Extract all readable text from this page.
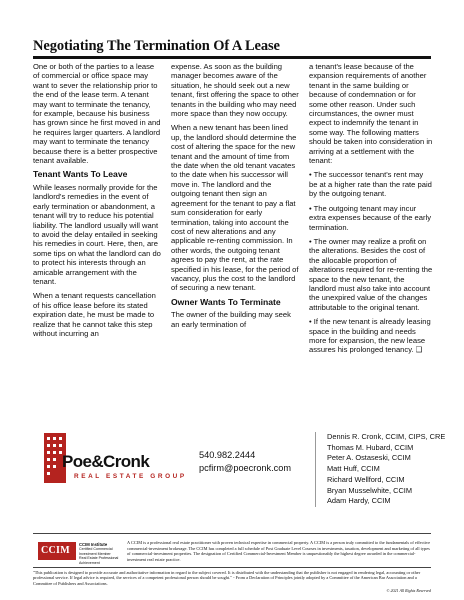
Negotiating The Termination Of A Lease

One or both of the parties to a lease of commercial or office space may want to sever the relationship prior to the end of the lease term. A tenant may want to terminate the tenancy, for example, because his business has grown since he first moved in and he requires larger quarters. A landlord may want to terminate the tenancy because there is a better prospective tenant available.

Tenant Wants To Leave

While leases normally provide for the landlord's remedies in the event of early termination or abandonment, a tenant will try to reduce his potential liability. The landlord usually will want to avoid the delay entailed in seeking his remedies in court. Here, then, are some tips on what the landlord can do to protect his interests through an amicable arrangement with the tenant.

When a tenant requests cancellation of his office lease before its stated expiration date, he must be made to realize that he cannot take this step without incurring an

expense. As soon as the building manager becomes aware of the situation, he should seek out a new tenant, first offering the space to other tenants in the building who may need more space than they now occupy.

When a new tenant has been lined up, the landlord should determine the cost of altering the space for the new tenant and the amount of time from the date when the old tenant vacates to the date when his successor will move in. The landlord and the outgoing tenant then sign an agreement for the tenant to pay a flat sum consideration for early termination, taking into account the cost of new alterations and any applicable re-renting commission. In other words, the outgoing tenant agrees to pay the rent, at the rate specified in his lease, for the period of vacancy, plus the cost to the landlord of securing a new tenant.

Owner Wants To Terminate

The owner of the building may seek an early termination of

a tenant's lease because of the expansion requirements of another tenant in the same building or because of condemnation or for some other reason. Under such circumstances, the owner must expect to indemnify the tenant in some way. The following matters should be taken into consideration in arriving at a settlement with the tenant:

• The successor tenant's rent may be at a higher rate than the rate paid by the outgoing tenant.

• The outgoing tenant may incur extra expenses because of the early termination.

• The owner may realize a profit on the alterations. Besides the cost of the allocable proportion of alterations required for re-renting the space to the new tenant, the landlord must also take into account the unexpired value of the changes attributable to the original tenant.

• If the new tenant is already leasing space in the building and needs more for expansion, the new lease assures his prolonged tenancy. ❑

Poe&Cronk
REAL ESTATE GROUP
540.982.2444
pcfirm@poecronk.com
Dennis R. Cronk, CCIM, CIPS, CRE
Thomas M. Hubard, CCIM
Peter A. Ostaseski, CCIM
Matt Huff, CCIM
Richard Wellford, CCIM
Bryan Musselwhite, CCIM
Adam Hardy, CCIM
CCIM
CCIM Institute
Certified Commercial Investment Member
Real Estate Professional Achievement
A CCIM is a professional real estate practitioner with proven technical expertise in commercial property. A CCIM is a person truly committed to the fundamentals of effective commercial-investment brokerage. The CCIM has completed a full schedule of Post Graduate Level Courses in investments, taxation, development and marketing of all types of commercial-investment properties. The designation of Certified Commercial-Investment Member is unquestionably the highest degree awarded in the commercial-investment real estate practice.
"This publication is designed to provide accurate and authoritative information in regard to the subject covered. It is distributed with the understanding that the publisher is not engaged in rendering legal, accounting or other professional service. If legal advice is required, the services of a competent professional person should be sought." - From a Declaration of Principles jointly adopted by a Committee of the American Bar Association and a Committee of Publishers and Associations.
© 2021 All Rights Reserved
